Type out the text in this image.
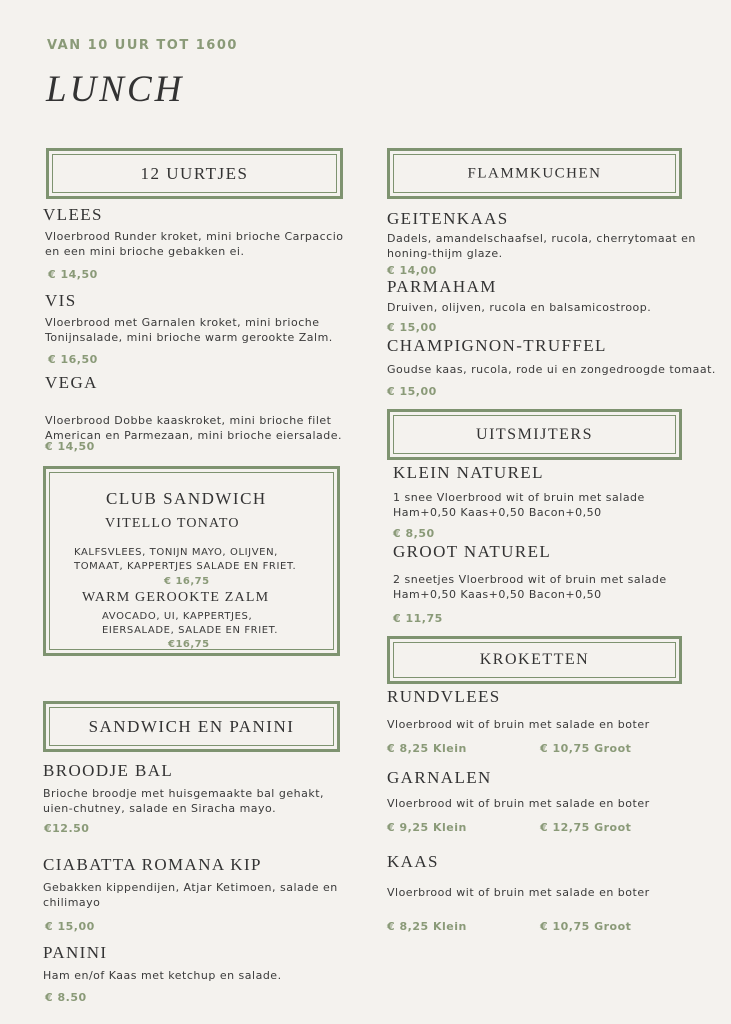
VAN 10 UUR TOT 1600
LUNCH
12 UURTJES
VLEES
Vloerbrood Runder kroket, mini brioche Carpaccio en een mini brioche gebakken ei.
€ 14,50
VIS
Vloerbrood met Garnalen kroket, mini brioche Tonijnsalade, mini brioche warm gerookte Zalm.
€ 16,50
VEGA
Vloerbrood Dobbe kaaskroket, mini brioche filet American en Parmezaan, mini brioche eiersalade.
€ 14,50
CLUB SANDWICH
VITELLO TONATO
KALFSVLEES, TONIJN MAYO, OLIJVEN,
TOMAAT, KAPPERTJES SALADE EN FRIET.
€ 16,75
WARM GEROOKTE ZALM
AVOCADO, UI, KAPPERTJES,
EIERSALADE, SALADE EN FRIET.
€16,75
SANDWICH EN PANINI
BROODJE BAL
Brioche broodje met huisgemaakte bal gehakt, uien-chutney, salade en Siracha mayo.
€12.50
CIABATTA ROMANA KIP
Gebakken kippendijen, Atjar Ketimoen, salade en chilimayo
€ 15,00
PANINI
Ham en/of Kaas met ketchup en salade.
€ 8.50
FLAMMKUCHEN
GEITENKAAS
Dadels, amandelschaafsel, rucola, cherrytomaat en honing-thijm glaze.
€ 14,00
PARMAHAM
Druiven, olijven, rucola en balsamicostroop.
€ 15,00
CHAMPIGNON-TRUFFEL
Goudse kaas, rucola, rode ui en zongedroogde tomaat.
€ 15,00
UITSMIJTERS
KLEIN NATUREL
1 snee Vloerbrood wit of bruin met salade
Ham+0,50 Kaas+0,50 Bacon+0,50
€ 8,50
GROOT NATUREL
2 sneetjes Vloerbrood wit of bruin met salade
Ham+0,50 Kaas+0,50 Bacon+0,50
€ 11,75
KROKETTEN
RUNDVLEES
Vloerbrood wit of bruin met salade en boter
€ 8,25 Klein	€ 10,75 Groot
GARNALEN
Vloerbrood wit of bruin met salade en boter
€ 9,25 Klein	€ 12,75 Groot
KAAS
Vloerbrood wit of bruin met salade en boter
€ 8,25 Klein	€ 10,75 Groot
